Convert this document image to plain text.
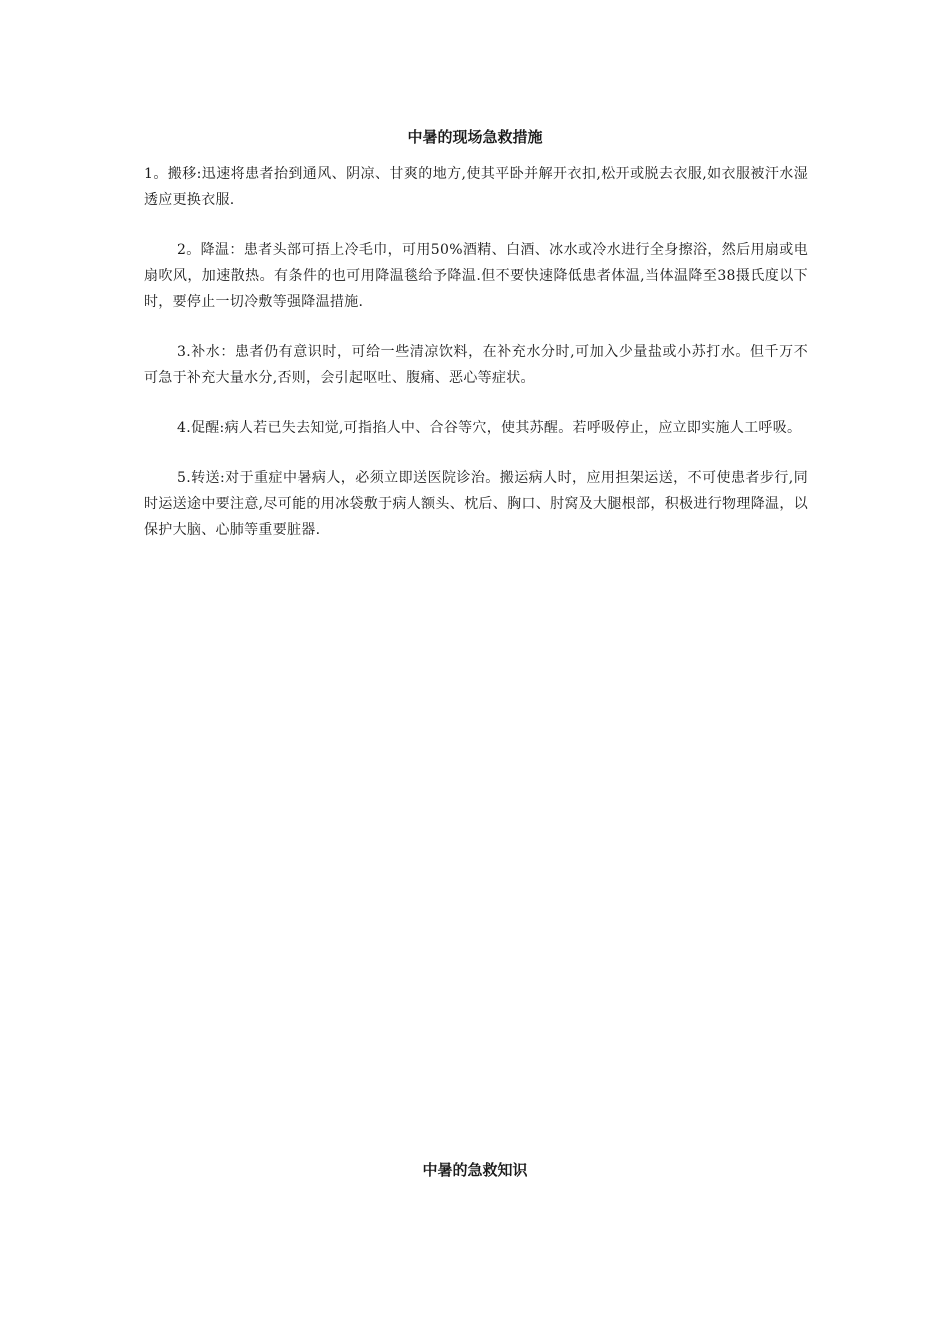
中暑的现场急救措施

1。搬移:迅速将患者抬到通风、阴凉、甘爽的地方,使其平卧并解开衣扣,松开或脱去衣服,如衣服被汗水湿透应更换衣服.

2。降温：患者头部可捂上冷毛巾，可用50%酒精、白酒、冰水或冷水进行全身擦浴，然后用扇或电扇吹风，加速散热。有条件的也可用降温毯给予降温.但不要快速降低患者体温,当体温降至38摄氏度以下时，要停止一切冷敷等强降温措施.

3.补水：患者仍有意识时，可给一些清凉饮料，在补充水分时,可加入少量盐或小苏打水。但千万不可急于补充大量水分,否则，会引起呕吐、腹痛、恶心等症状。

4.促醒:病人若已失去知觉,可指掐人中、合谷等穴，使其苏醒。若呼吸停止，应立即实施人工呼吸。

5.转送:对于重症中暑病人，必须立即送医院诊治。搬运病人时，应用担架运送，不可使患者步行,同时运送途中要注意,尽可能的用冰袋敷于病人额头、枕后、胸口、肘窝及大腿根部，积极进行物理降温，以保护大脑、心肺等重要脏器.

中暑的急救知识
